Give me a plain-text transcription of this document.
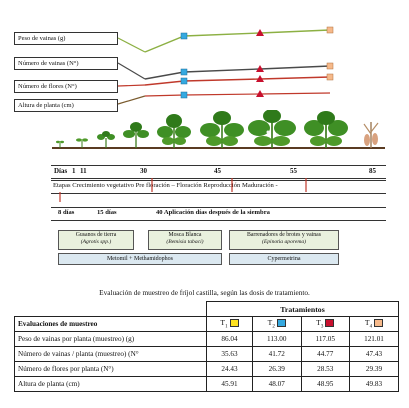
Peso de vainas (g)
Número de vainas (N°)
Número de flores (N°)
Altura de planta (cm)
Días 1 11	30	45	55	85
Etapas Crecimiento vegetativo Pre floración – Floración Reproducción Maduración -
8 días	15 días	40 Aplicación días después de la siembra
Gusanos de tierra
(Agrotis spp.)
Mosca Blanca
(Bemisia tabaci)
Barrenadores de brotes y vainas
(Epinotia aporema)
Metomil + Methamidophos	Cypermetrina
Evaluación de muestreo de fríjol castilla, según las dosis de tratamiento.
	Tratamientos			
Evaluaciones de muestreo	$T_1$	$T_2$	$T_3$	$T_4$
Peso de vainas por planta (muestreo) (g)	86.04	113.00	117.05	121.01
Número de vainas / planta (muestreo) (N°	35.63	41.72	44.77	47.43
Número de flores por planta (N°)	24.43	26.39	28.53	29.39
Altura de planta (cm)	45.91	48.07	48.95	49.83
